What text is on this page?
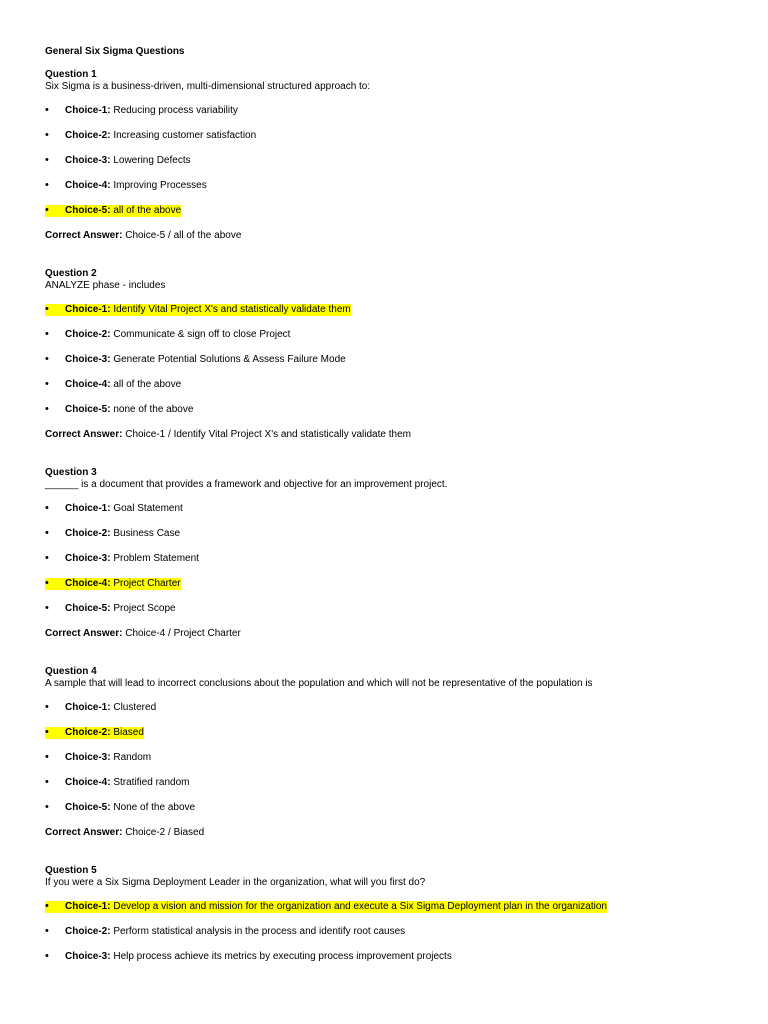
General Six Sigma Questions
Question 1
Six Sigma is a business-driven, multi-dimensional structured approach to:
• Choice-1: Reducing process variability
• Choice-2: Increasing customer satisfaction
• Choice-3: Lowering Defects
• Choice-4: Improving Processes
• Choice-5: all of the above
Correct Answer: Choice-5 / all of the above
Question 2
ANALYZE phase - includes
• Choice-1: Identify Vital Project X's and statistically validate them
• Choice-2: Communicate & sign off to close Project
• Choice-3: Generate Potential Solutions & Assess Failure Mode
• Choice-4: all of the above
• Choice-5: none of the above
Correct Answer: Choice-1 / Identify Vital Project X's and statistically validate them
Question 3
______ is a document that provides a framework and objective for an improvement project.
• Choice-1: Goal Statement
• Choice-2: Business Case
• Choice-3: Problem Statement
• Choice-4: Project Charter
• Choice-5: Project Scope
Correct Answer: Choice-4 / Project Charter
Question 4
A sample that will lead to incorrect conclusions about the population and which will not be representative of the population is
• Choice-1: Clustered
• Choice-2: Biased
• Choice-3: Random
• Choice-4: Stratified random
• Choice-5: None of the above
Correct Answer: Choice-2 / Biased
Question 5
If you were a Six Sigma Deployment Leader in the organization, what will you first do?
• Choice-1: Develop a vision and mission for the organization and execute a Six Sigma Deployment plan in the organization
• Choice-2: Perform statistical analysis in the process and identify root causes
• Choice-3: Help process achieve its metrics by executing process improvement projects
